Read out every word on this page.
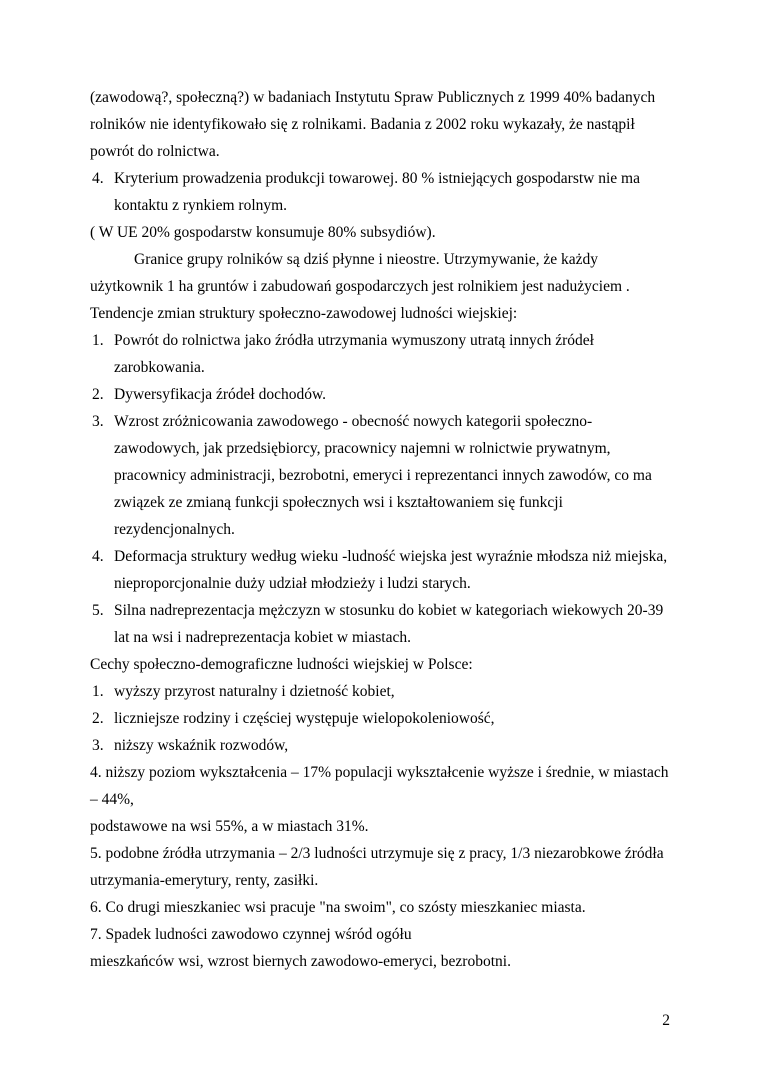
(zawodową?, społeczną?) w badaniach Instytutu Spraw Publicznych z 1999 40% badanych rolników nie identyfikowało się z rolnikami. Badania z 2002 roku wykazały, że nastąpił powrót do rolnictwa.

4. Kryterium prowadzenia produkcji towarowej. 80 % istniejących gospodarstw nie ma kontaktu z rynkiem rolnym.

( W UE 20% gospodarstw konsumuje 80% subsydiów).

Granice grupy rolników są dziś płynne i nieostre. Utrzymywanie, że każdy użytkownik 1 ha gruntów i zabudowań gospodarczych jest rolnikiem jest nadużyciem .

Tendencje zmian struktury społeczno-zawodowej ludności wiejskiej:

1. Powrót do rolnictwa jako źródła utrzymania wymuszony utratą innych źródeł zarobkowania.
2. Dywersyfikacja źródeł dochodów.
3. Wzrost zróżnicowania zawodowego - obecność nowych kategorii społeczno-zawodowych, jak przedsiębiorcy, pracownicy najemni w rolnictwie prywatnym, pracownicy administracji, bezrobotni, emeryci i reprezentanci innych zawodów, co ma związek ze zmianą funkcji społecznych wsi i kształtowaniem się funkcji rezydencjonalnych.
4. Deformacja struktury według wieku -ludność wiejska jest wyraźnie młodsza niż miejska, nieproporcjonalnie duży udział młodzieży i ludzi starych.
5. Silna nadreprezentacja mężczyzn w stosunku do kobiet w kategoriach wiekowych 20-39 lat na wsi i nadreprezentacja kobiet w miastach.

Cechy społeczno-demograficzne ludności wiejskiej w Polsce:

1. wyższy przyrost naturalny i dzietność kobiet,
2. liczniejsze rodziny i częściej występuje wielopokoleniowość,
3. niższy wskaźnik rozwodów,

4. niższy poziom wykształcenia – 17% populacji wykształcenie wyższe i średnie, w miastach – 44%,

podstawowe na wsi 55%, a w miastach 31%.

5. podobne źródła utrzymania – 2/3 ludności utrzymuje się z pracy, 1/3 niezarobkowe źródła utrzymania-emerytury, renty, zasiłki.

6. Co drugi mieszkaniec wsi pracuje "na swoim", co szósty mieszkaniec miasta.

7. Spadek ludności zawodowo czynnej wśród ogółu

mieszkańców wsi, wzrost biernych zawodowo-emeryci, bezrobotni.

2
